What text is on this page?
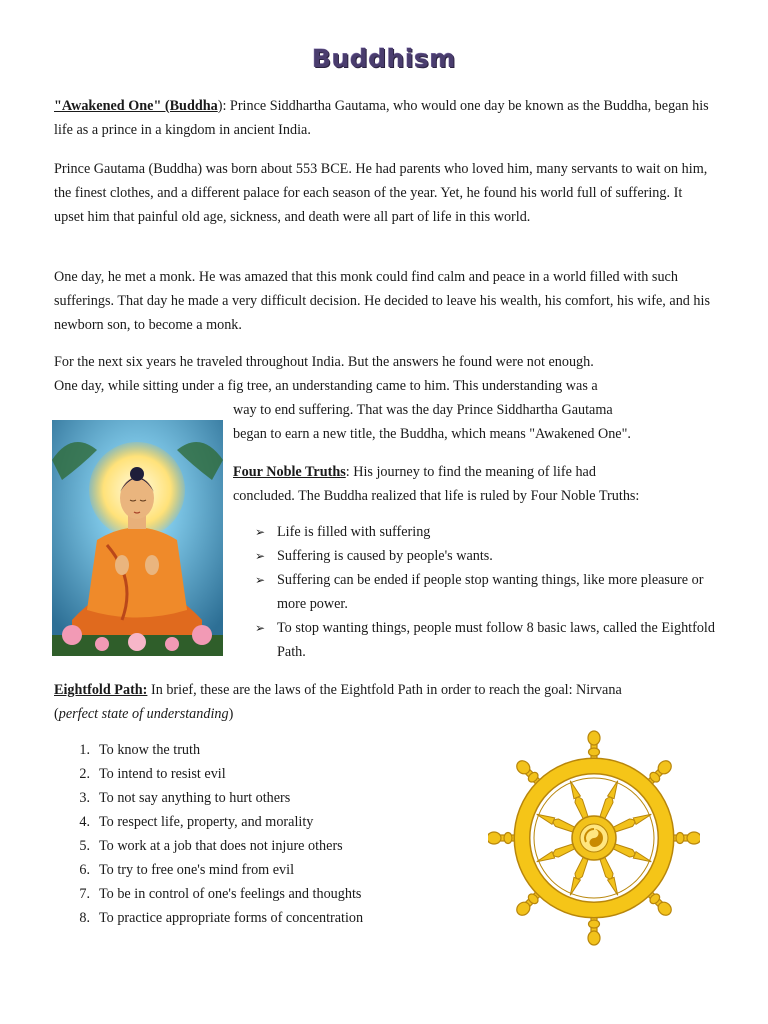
Buddhism
"Awakened One" (Buddha): Prince Siddhartha Gautama, who would one day be known as the Buddha, began his life as a prince in a kingdom in ancient India.
Prince Gautama (Buddha) was born about 553 BCE. He had parents who loved him, many servants to wait on him, the finest clothes, and a different palace for each season of the year. Yet, he found his world full of suffering. It upset him that painful old age, sickness, and death were all part of life in this world.
One day, he met a monk. He was amazed that this monk could find calm and peace in a world filled with such sufferings. That day he made a very difficult decision. He decided to leave his wealth, his comfort, his wife, and his newborn son, to become a monk.
For the next six years he traveled throughout India. But the answers he found were not enough.
One day, while sitting under a fig tree, an understanding came to him. This understanding was a
way to end suffering. That was the day Prince Siddhartha Gautama
began to earn a new title, the Buddha, which means "Awakened One".
Four Noble Truths: His journey to find the meaning of life had
concluded. The Buddha realized that life is ruled by Four Noble Truths:
➢ Life is filled with suffering
➢ Suffering is caused by people's wants.
➢ Suffering can be ended if people stop wanting things, like more pleasure or more power.
➢ To stop wanting things, people must follow 8 basic laws, called the Eightfold Path.
Eightfold Path: In brief, these are the laws of the Eightfold Path in order to reach the goal: Nirvana
(perfect state of understanding)
1. To know the truth
2. To intend to resist evil
3. To not say anything to hurt others
4. To respect life, property, and morality
5. To work at a job that does not injure others
6. To try to free one's mind from evil
7. To be in control of one's feelings and thoughts
8. To practice appropriate forms of concentration
